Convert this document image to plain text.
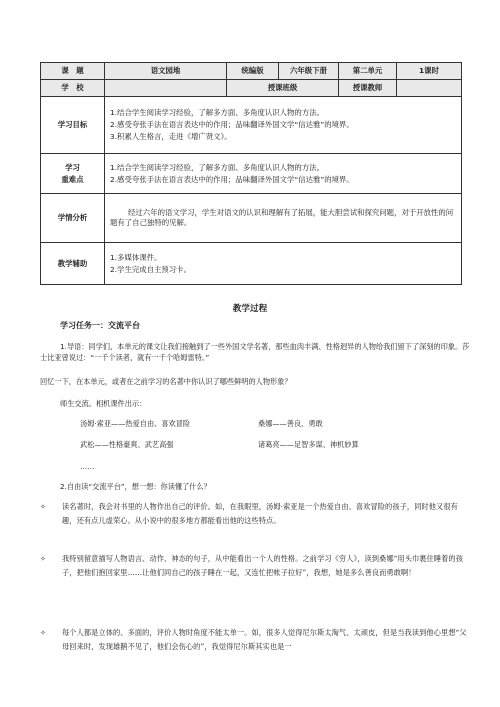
课　题	语文园地	统编版	六年级下册	第二单元	1课时
学　校		授课班级		授课教师	
学习目标	1.结合学生阅读学习经验，了解多方面、多角度认识人物的方法。
2.感受夸张手法在语言表达中的作用；品味翻译外国文学“信达雅”的境界。
3.积累人生格言，走进《增广贤文》。				

学习
重难点	1.结合学生阅读学习经验，了解多方面、多角度认识人物的方法。
2.感受夸张手法在语言表达中的作用；品味翻译外国文学“信达雅”的境界。				

学情分析	经过六年的语文学习，学生对语文的认识和理解有了拓展，能大胆尝试和探究问题，对于开放性的问题有了自己独特的见解。				

教学辅助	1.多媒体课件。
2.学生完成自主预习卡。				
教学过程
学习任务一：交流平台
1.导语：同学们，本单元的课文让我们接触到了一些外国文学名著，那些血肉丰满、性格迥异的人物给我们留下了深刻的印象。莎士比亚曾说过：“一千个读者，就有一千个哈姆雷特。”
回忆一下，在本单元，或者在之前学习的名著中你认识了哪些鲜明的人物形象？
师生交流。相机课件出示：
汤姆·索亚——热爱自由、喜欢冒险	桑娜——善良、勇敢
武松——性格豪爽、武艺高强	诸葛亮——足智多谋、神机妙算
……
2.自由读“交流平台”，想一想：你读懂了什么？
✧ 读名著时，我会对书里的人物作出自己的评价。如，在我眼里，汤姆·索亚是一个热爱自由、喜欢冒险的孩子，同时他又很有趣，还有点儿虚荣心。从小说中的很多地方都能看出他的这些特点。
✧ 我特别留意描写人物语言、动作、神态的句子，从中能看出一个人的性格。之前学习《穷人》，读到桑娜“用头巾裹住睡着的孩子，把他们抱回家里……让他们同自己的孩子睡在一起，又连忙把帐子拉好”，我想，她是多么善良而勇敢啊！
✧ 每个人都是立体的、多面的，评价人物时角度不能太单一。如，很多人觉得尼尔斯太淘气、太顽皮，但是当我读到他心里想“父母回来时，发现雄鹅不见了，他们会伤心的”，我觉得尼尔斯其实也是一
